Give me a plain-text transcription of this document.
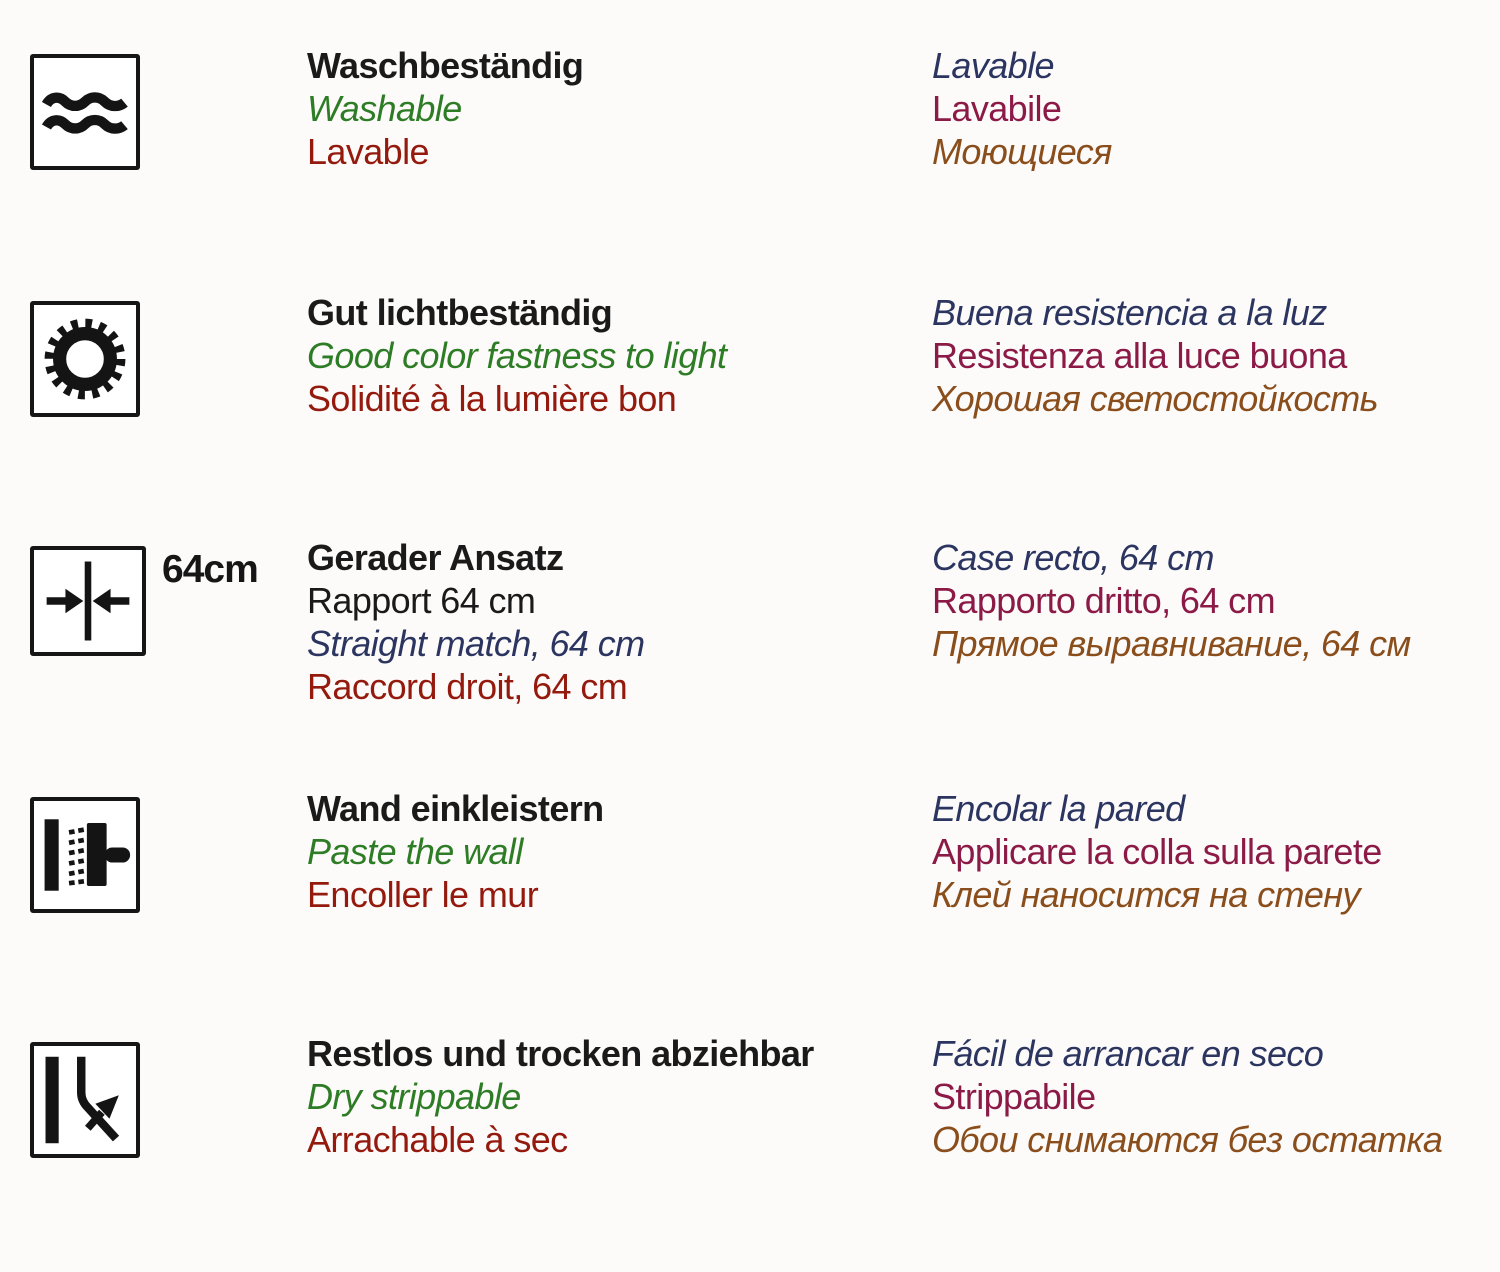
Waschbeständig
Washable
Lavable
Lavable
Lavabile
Моющиеся
Gut lichtbeständig
Good color fastness to light
Solidité à la lumière bon
Buena resistencia a la luz
Resistenza alla luce buona
Хорошая светостойкость
64cm Gerader Ansatz
Rapport 64 cm
Straight match, 64 cm
Raccord droit, 64 cm
Case recto, 64 cm
Rapporto dritto, 64 cm
Прямое выравнивание, 64 см
Wand einkleistern
Paste the wall
Encoller le mur
Encolar la pared
Applicare la colla sulla parete
Клей наносится на стену
Restlos und trocken abziehbar
Dry strippable
Arrachable à sec
Fácil de arrancar en seco
Strippabile
Обои снимаются без остатка
